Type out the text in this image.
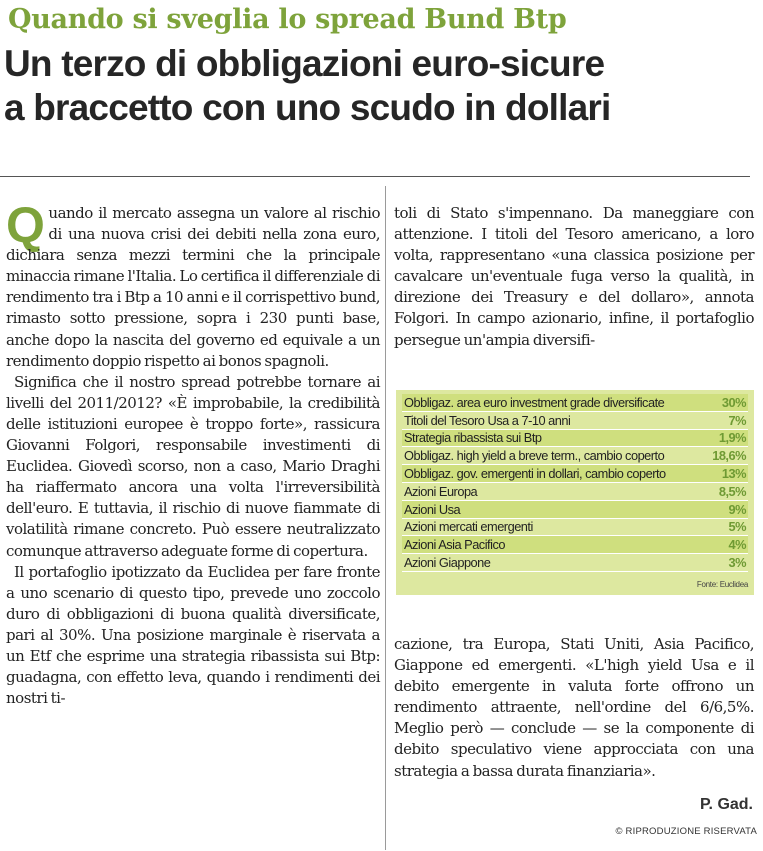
Quando si sveglia lo spread Bund Btp
Un terzo di obbligazioni euro-sicure
a braccetto con uno scudo in dollari

Quando il mercato assegna un valore al rischio di una nuova crisi dei debiti nella zona euro, dichiara senza mezzi termini che la principale minaccia rimane l'Italia. Lo certifica il differenziale di rendimento tra i Btp a 10 anni e il corrispettivo bund, rimasto sotto pressione, sopra i 230 punti base, anche dopo la nascita del governo ed equivale a un rendimento doppio rispetto ai bonos spagnoli.

Significa che il nostro spread potrebbe tornare ai livelli del 2011/2012? «È improbabile, la credibilità delle istituzioni europee è troppo forte», rassicura Giovanni Folgori, responsabile investimenti di Euclidea. Giovedì scorso, non a caso, Mario Draghi ha riaffermato ancora una volta l'irreversibilità dell'euro. E tuttavia, il rischio di nuove fiammate di volatilità rimane concreto. Può essere neutralizzato comunque attraverso adeguate forme di copertura.

Il portafoglio ipotizzato da Euclidea per fare fronte a uno scenario di questo tipo, prevede uno zoccolo duro di obbligazioni di buona qualità diversificate, pari al 30%. Una posizione marginale è riservata a un Etf che esprime una strategia ribassista sui Btp: guadagna, con effetto leva, quando i rendimenti dei nostri ti-

toli di Stato s'impennano. Da maneggiare con attenzione. I titoli del Tesoro americano, a loro volta, rappresentano «una classica posizione per cavalcare un'eventuale fuga verso la qualità, in direzione dei Treasury e del dollaro», annota Folgori. In campo azionario, infine, il portafoglio persegue un'ampia diversifi-

Obbligaz. area euro investment grade diversificate	30%
Titoli del Tesoro Usa a 7-10 anni	7%
Strategia ribassista sui Btp	1,9%
Obbligaz. high yield a breve term., cambio coperto	18,6%
Obbligaz. gov. emergenti in dollari, cambio coperto	13%
Azioni Europa	8,5%
Azioni Usa	9%
Azioni mercati emergenti	5%
Azioni Asia Pacifico	4%
Azioni Giappone	3%
Fonte: Euclidea

cazione, tra Europa, Stati Uniti, Asia Pacifico, Giappone ed emergenti. «L'high yield Usa e il debito emergente in valuta forte offrono un rendimento attraente, nell'ordine del 6/6,5%. Meglio però — conclude — se la componente di debito speculativo viene approcciata con una strategia a bassa durata finanziaria».

P. Gad.
© RIPRODUZIONE RISERVATA
